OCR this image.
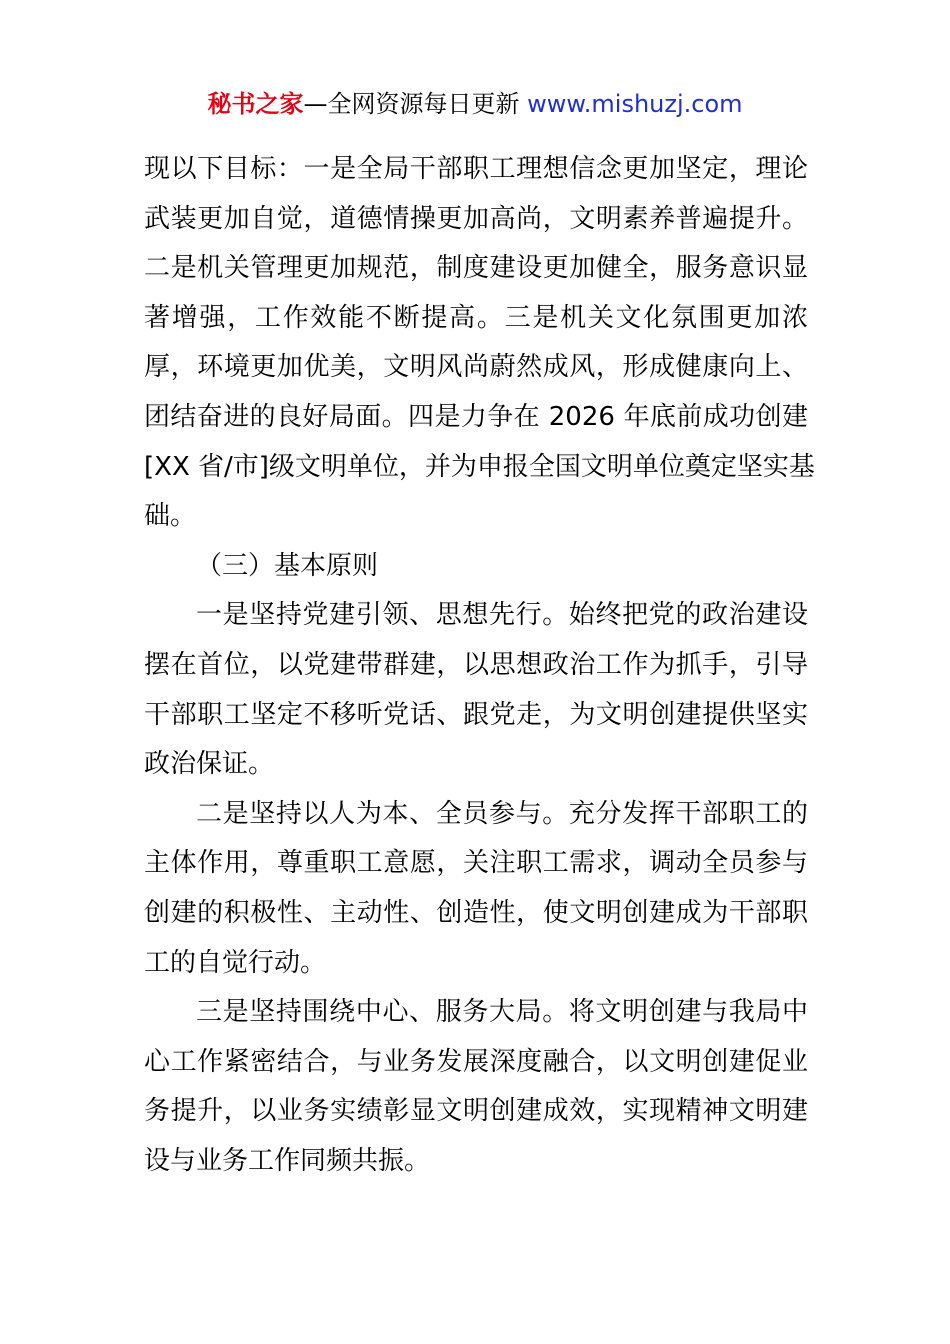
秘书之家—全网资源每日更新 www.mishuzj.com
现以下目标：一是全局干部职工理想信念更加坚定，理论
武装更加自觉，道德情操更加高尚，文明素养普遍提升。
二是机关管理更加规范，制度建设更加健全，服务意识显
著增强，工作效能不断提高。三是机关文化氛围更加浓
厚，环境更加优美，文明风尚蔚然成风，形成健康向上、
团结奋进的良好局面。四是力争在 2026 年底前成功创建
[XX 省/市]级文明单位，并为申报全国文明单位奠定坚实基
础。
（三）基本原则
一是坚持党建引领、思想先行。始终把党的政治建设
摆在首位，以党建带群建，以思想政治工作为抓手，引导
干部职工坚定不移听党话、跟党走，为文明创建提供坚实
政治保证。
二是坚持以人为本、全员参与。充分发挥干部职工的
主体作用，尊重职工意愿，关注职工需求，调动全员参与
创建的积极性、主动性、创造性，使文明创建成为干部职
工的自觉行动。
三是坚持围绕中心、服务大局。将文明创建与我局中
心工作紧密结合，与业务发展深度融合，以文明创建促业
务提升，以业务实绩彰显文明创建成效，实现精神文明建
设与业务工作同频共振。
